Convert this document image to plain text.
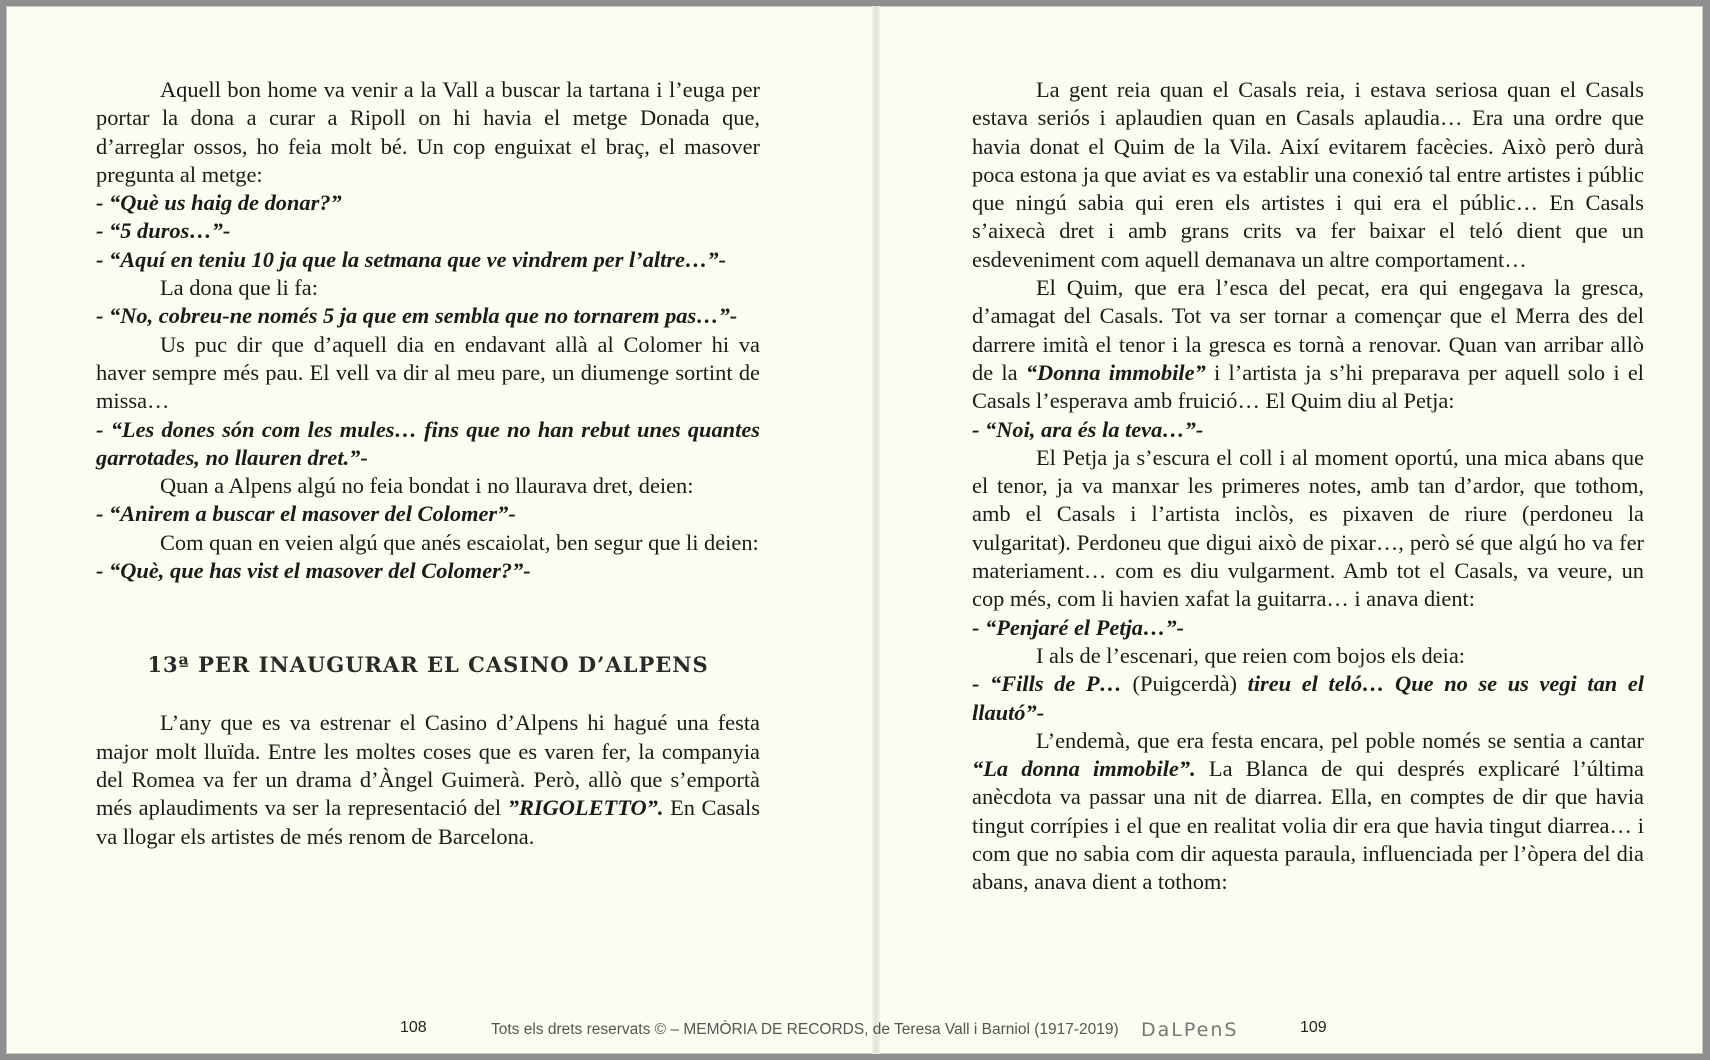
Aquell bon home va venir a la Vall a buscar la tartana i l’euga per portar la dona a curar a Ripoll on hi havia el metge Donada que, d’arreglar ossos, ho feia molt bé. Un cop enguixat el braç, el masover pregunta al metge:

- “Què us haig de donar?”

- “5 duros…”-

- “Aquí en teniu 10 ja que la setmana que ve vindrem per l’altre…”-

La dona que li fa:

- “No, cobreu-ne només 5 ja que em sembla que no tornarem pas…”-

Us puc dir que d’aquell dia en endavant allà al Colomer hi va haver sempre més pau. El vell va dir al meu pare, un diumenge sortint de missa…

- “Les dones són com les mules… fins que no han rebut unes quantes garrotades, no llauren dret.”-

Quan a Alpens algú no feia bondat i no llaurava dret, deien:

- “Anirem a buscar el masover del Colomer”-

Com quan en veien algú que anés escaiolat, ben segur que li deien:

- “Què, que has vist el masover del Colomer?”-

13ª PER INAUGURAR EL CASINO D’ALPENS

L’any que es va estrenar el Casino d’Alpens hi hagué una festa major molt lluïda. Entre les moltes coses que es varen fer, la companyia del Romea va fer un drama d’Àngel Guimerà. Però, allò que s’emportà més aplaudiments va ser la representació del ”RIGOLETTO”. En Casals va llogar els artistes de més renom de Barcelona.

La gent reia quan el Casals reia, i estava seriosa quan el Casals estava seriós i aplaudien quan en Casals aplaudia… Era una ordre que havia donat el Quim de la Vila. Així evitarem facècies. Això però durà poca estona ja que aviat es va establir una conexió tal entre artistes i públic que ningú sabia qui eren els artistes i qui era el públic… En Casals s’aixecà dret i amb grans crits va fer baixar el teló dient que un esdeveniment com aquell demanava un altre comportament…

El Quim, que era l’esca del pecat, era qui engegava la gresca, d’amagat del Casals. Tot va ser tornar a començar que el Merra des del darrere imità el tenor i la gresca es tornà a renovar. Quan van arribar allò de la “Donna immobile” i l’artista ja s’hi preparava per aquell solo i el Casals l’esperava amb fruició… El Quim diu al Petja:

- “Noi, ara és la teva…”-

El Petja ja s’escura el coll i al moment oportú, una mica abans que el tenor, ja va manxar les primeres notes, amb tan d’ardor, que tothom, amb el Casals i l’artista inclòs, es pixaven de riure (perdoneu la vulgaritat). Perdoneu que digui això de pixar…, però sé que algú ho va fer materiament… com es diu vulgarment. Amb tot el Casals, va veure, un cop més, com li havien xafat la guitarra… i anava dient:

- “Penjaré el Petja…”-

I als de l’escenari, que reien com bojos els deia:

- “Fills de P… (Puigcerdà) tireu el teló… Que no se us vegi tan el llautó”-

L’endemà, que era festa encara, pel poble només se sentia a cantar “La donna immobile”. La Blanca de qui després explicaré l’última anècdota va passar una nit de diarrea. Ella, en comptes de dir que havia tingut corrípies i el que en realitat volia dir era que havia tingut diarrea… i com que no sabia com dir aquesta paraula, influenciada per l’òpera del dia abans, anava dient a tothom:

108	Tots els drets reservats © – MEMÒRIA DE RECORDS, de Teresa Vall i Barniol (1917-2019) DaLPenS	109
